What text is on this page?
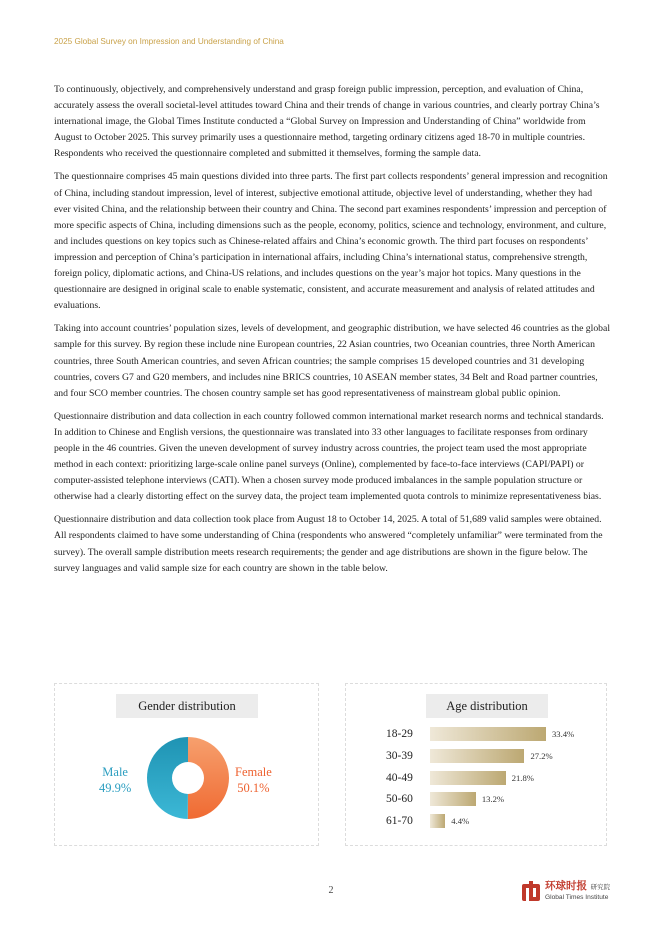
2025 Global Survey on Impression and Understanding of China

To continuously, objectively, and comprehensively understand and grasp foreign public impression, perception, and evaluation of China, accurately assess the overall societal-level attitudes toward China and their trends of change in various countries, and clearly portray China’s international image, the Global Times Institute conducted a “Global Survey on Impression and Understanding of China” worldwide from August to October 2025. This survey primarily uses a questionnaire method, targeting ordinary citizens aged 18-70 in multiple countries. Respondents who received the questionnaire completed and submitted it themselves, forming the sample data.

The questionnaire comprises 45 main questions divided into three parts. The first part collects respondents’ general impression and recognition of China, including standout impression, level of interest, subjective emotional attitude, objective level of understanding, whether they had ever visited China, and the relationship between their country and China. The second part examines respondents’ impression and perception of more specific aspects of China, including dimensions such as the people, economy, politics, science and technology, environment, and culture, and includes questions on key topics such as Chinese-related affairs and China’s economic growth. The third part focuses on respondents’ impression and perception of China’s participation in international affairs, including China’s international status, comprehensive strength, foreign policy, diplomatic actions, and China-US relations, and includes questions on the year’s major hot topics. Many questions in the questionnaire are designed in original scale to enable systematic, consistent, and accurate measurement and analysis of related attitudes and evaluations.

Taking into account countries’ population sizes, levels of development, and geographic distribution, we have selected 46 countries as the global sample for this survey. By region these include nine European countries, 22 Asian countries, two Oceanian countries, three North American countries, three South American countries, and seven African countries; the sample comprises 15 developed countries and 31 developing countries, covers G7 and G20 members, and includes nine BRICS countries, 10 ASEAN member states, 34 Belt and Road partner countries, and four SCO member countries. The chosen country sample set has good representativeness of mainstream global public opinion.

Questionnaire distribution and data collection in each country followed common international market research norms and technical standards. In addition to Chinese and English versions, the questionnaire was translated into 33 other languages to facilitate responses from ordinary people in the 46 countries. Given the uneven development of survey industry across countries, the project team used the most appropriate method in each context: prioritizing large-scale online panel surveys (Online), complemented by face-to-face interviews (CAPI/PAPI) or computer-assisted telephone interviews (CATI). When a chosen survey mode produced imbalances in the sample population structure or otherwise had a clearly distorting effect on the survey data, the project team implemented quota controls to minimize representativeness bias.

Questionnaire distribution and data collection took place from August 18 to October 14, 2025. A total of 51,689 valid samples were obtained. All respondents claimed to have some understanding of China (respondents who answered “completely unfamiliar” were terminated from the survey). The overall sample distribution meets research requirements; the gender and age distributions are shown in the figure below. The survey languages and valid sample size for each country are shown in the table below.

Gender distribution
Male
49.9%
Female
50.1%
Age distribution
18-29	33.4%
30-39	27.2%
40-49	21.8%
50-60	13.2%
61-70	4.4%
2	环球时报 研究院
Global Times Institute
